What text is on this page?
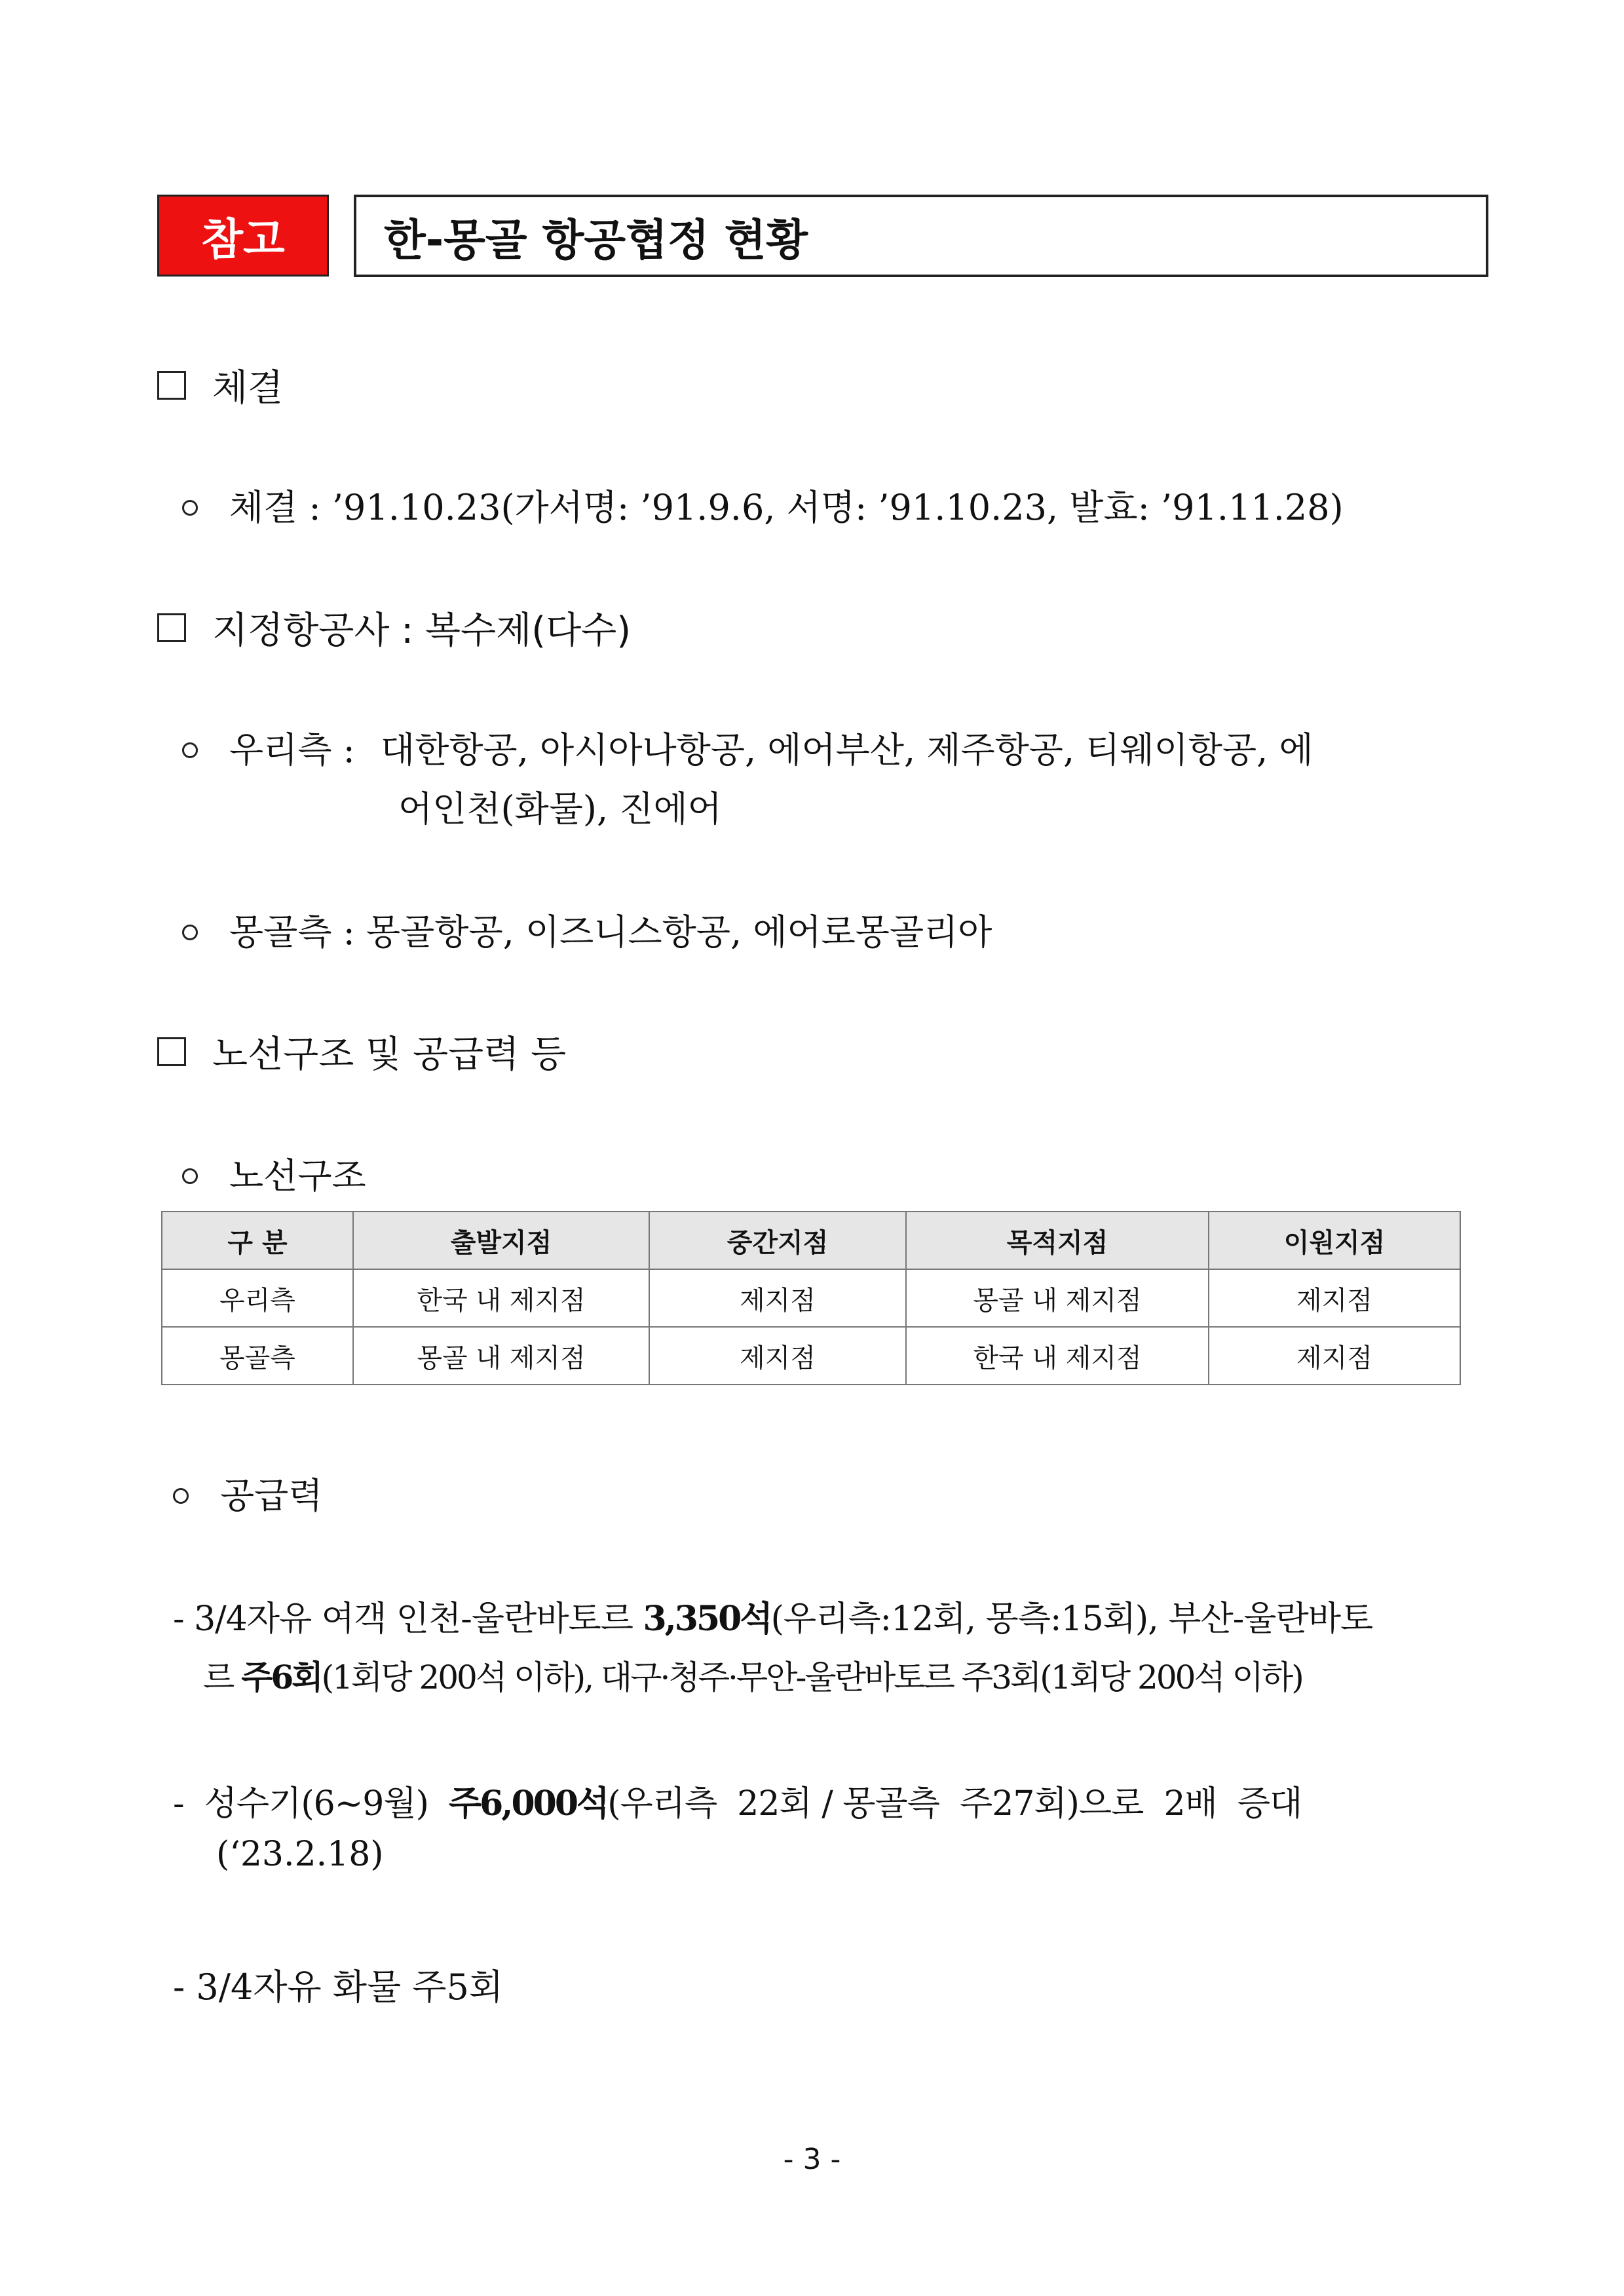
참고	한-몽골 항공협정 현황
체결
체결 : ’91.10.23(가서명: ’91.9.6, 서명: ’91.10.23, 발효: ’91.11.28)
지정항공사 : 복수제(다수)
우리측 : 대한항공, 아시아나항공, 에어부산, 제주항공, 티웨이항공, 에
어인천(화물), 진에어
몽골측 : 몽골항공, 이즈니스항공, 에어로몽골리아
노선구조 및 공급력 등
노선구조
구 분	출발지점	중간지점	목적지점	이원지점
우리측	한국 내 제지점	제지점	몽골 내 제지점	제지점
몽골측	몽골 내 제지점	제지점	한국 내 제지점	제지점
공급력
- 3/4자유 여객 인천-울란바토르 3,350석(우리측:12회, 몽측:15회), 부산-울란바토
르 주6회(1회당 200석 이하), 대구·청주·무안-울란바토르 주3회(1회당 200석 이하)
-  성수기(6~9월)  주6,000석(우리측  22회 / 몽골측  주27회)으로  2배  증대
(‘23.2.18)
- 3/4자유 화물 주5회
- 3 -
